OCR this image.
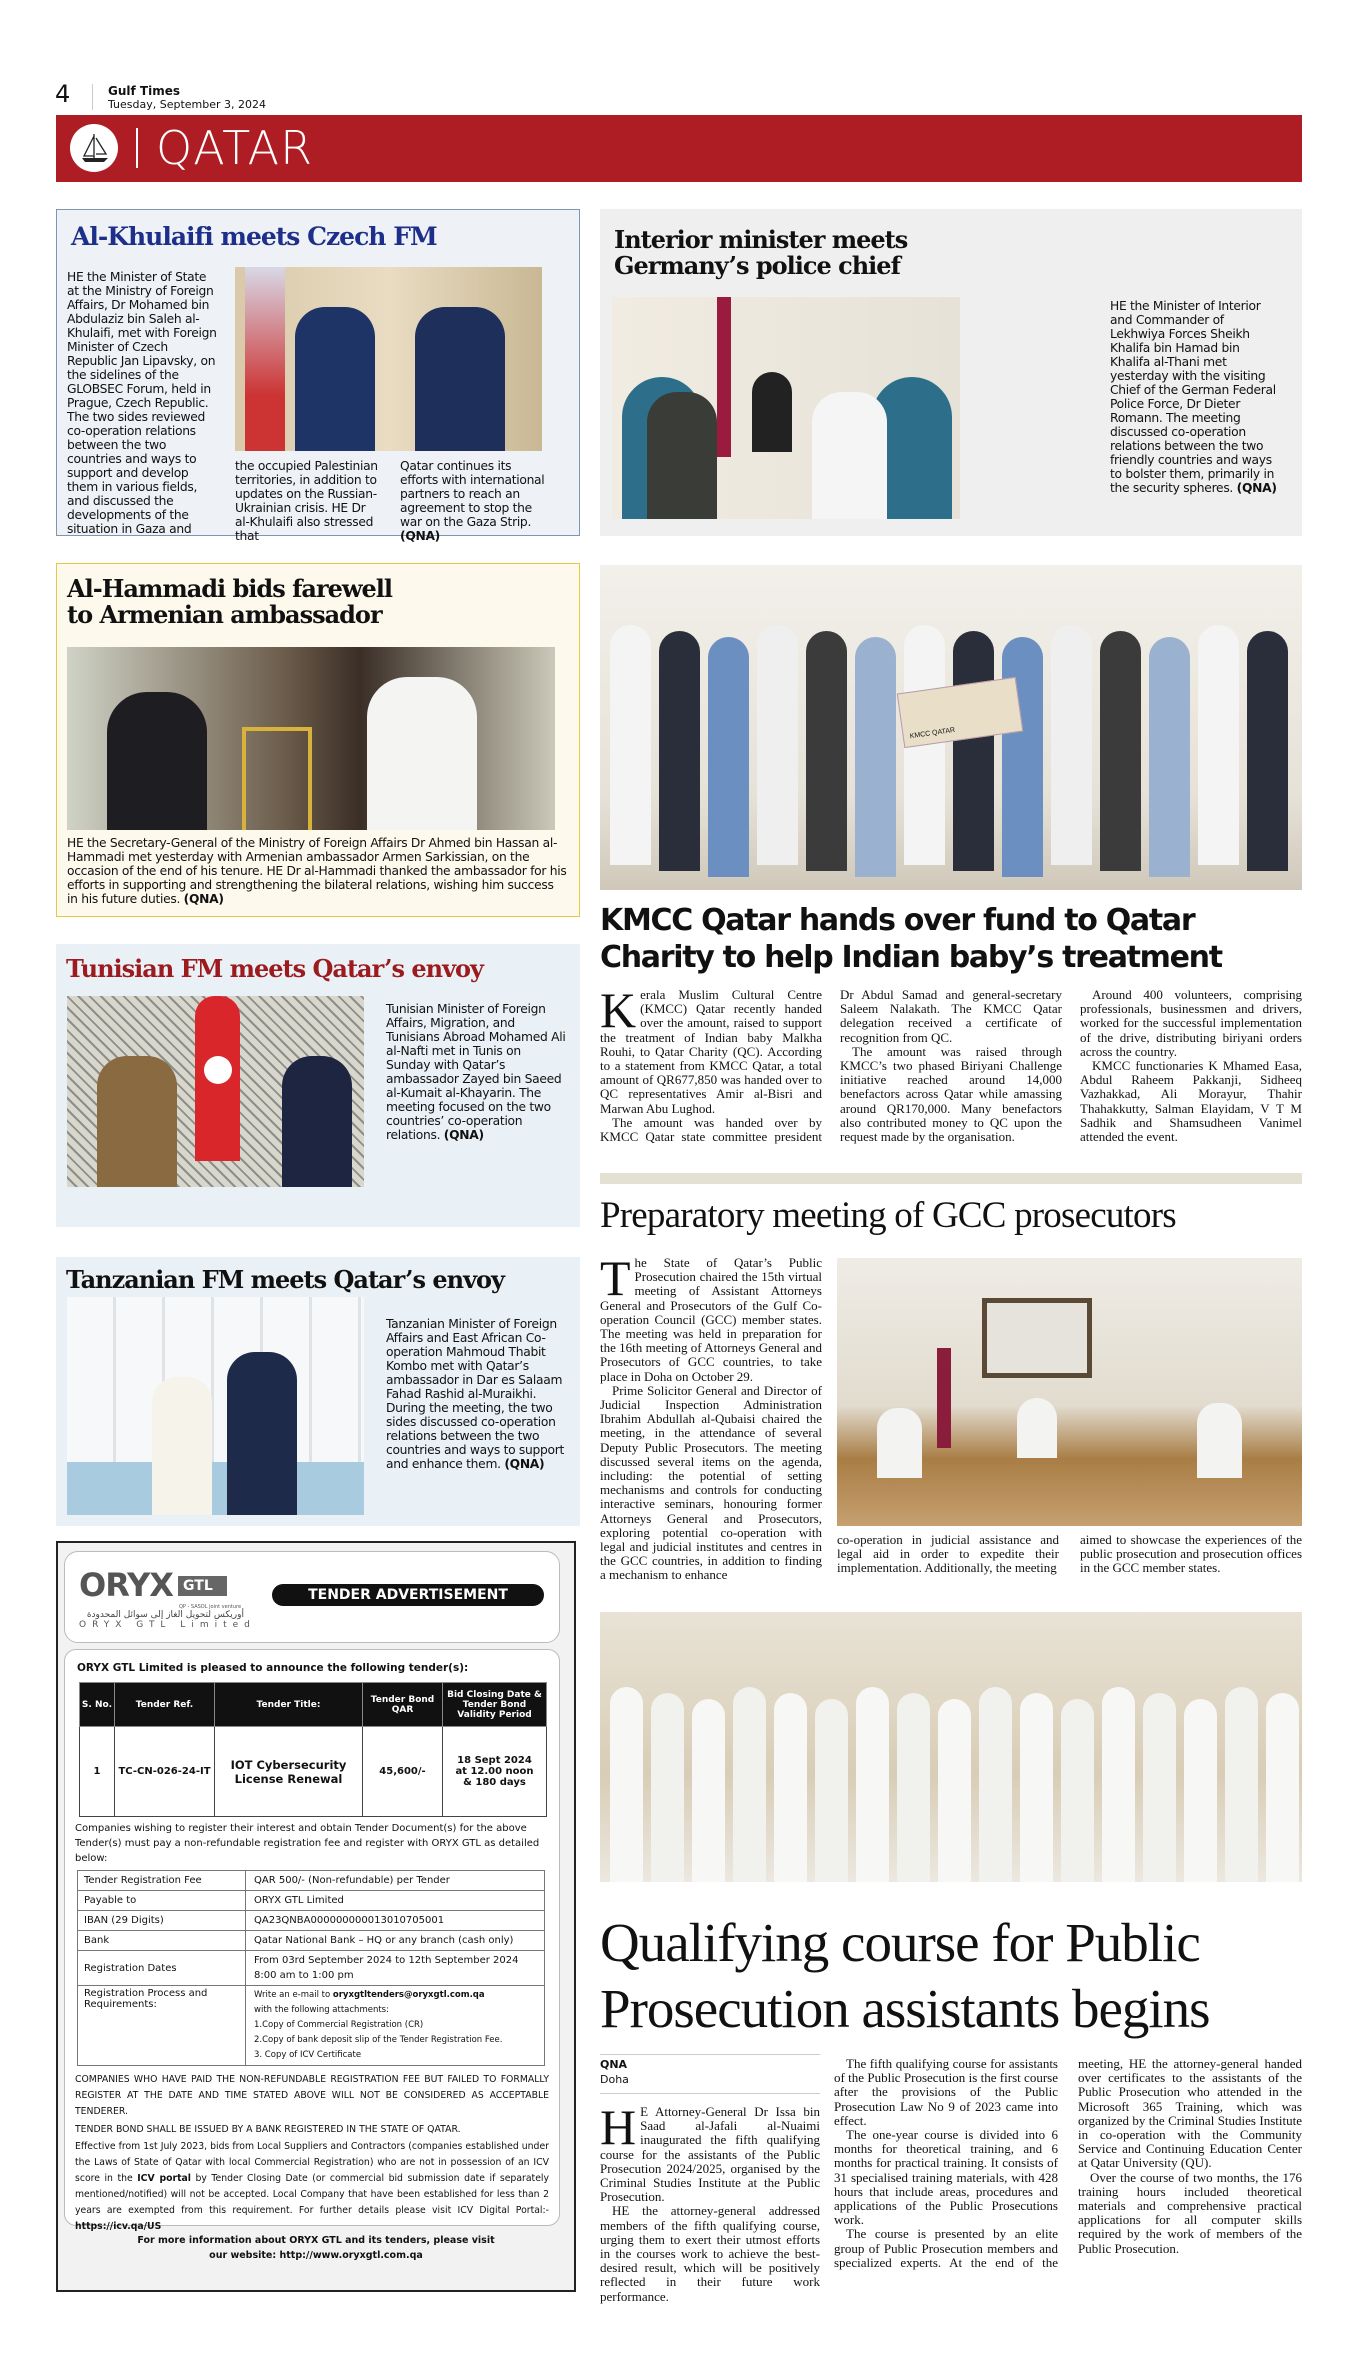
4	Gulf Times
Tuesday, September 3, 2024
QATAR
Al-Khulaifi meets Czech FM
HE the Minister of State at the Ministry of Foreign Affairs, Dr Mohamed bin Abdulaziz bin Saleh al-Khulaifi, met with Foreign Minister of Czech Republic Jan Lipavsky, on the sidelines of the GLOBSEC Forum, held in Prague, Czech Republic. The two sides reviewed co-operation relations between the two countries and ways to support and develop them in various fields, and discussed the developments of the situation in Gaza and
the occupied Palestinian territories, in addition to updates on the Russian-Ukrainian crisis. HE Dr al-Khulaifi also stressed that
Qatar continues its efforts with international partners to reach an agreement to stop the war on the Gaza Strip. (QNA)
Interior minister meets
Germany’s police chief
HE the Minister of Interior and Commander of Lekhwiya Forces Sheikh Khalifa bin Hamad bin Khalifa al-Thani met yesterday with the visiting Chief of the German Federal Police Force, Dr Dieter Romann. The meeting discussed co-operation relations between the two friendly countries and ways to bolster them, primarily in the security spheres. (QNA)
Al-Hammadi bids farewell
to Armenian ambassador
HE the Secretary-General of the Ministry of Foreign Affairs Dr Ahmed bin Hassan al-Hammadi met yesterday with Armenian ambassador Armen Sarkissian, on the occasion of the end of his tenure. HE Dr al-Hammadi thanked the ambassador for his efforts in supporting and strengthening the bilateral relations, wishing him success in his future duties. (QNA)
Tunisian FM meets Qatar’s envoy
Tunisian Minister of Foreign Affairs, Migration, and Tunisians Abroad Mohamed Ali al-Nafti met in Tunis on Sunday with Qatar’s ambassador Zayed bin Saeed al-Kumait al-Khayarin. The meeting focused on the two countries’ co-operation relations. (QNA)
Tanzanian FM meets Qatar’s envoy
Tanzanian Minister of Foreign Affairs and East African Co-operation Mahmoud Thabit Kombo met with Qatar’s ambassador in Dar es Salaam Fahad Rashid al-Muraikhi. During the meeting, the two sides discussed co-operation relations between the two countries and ways to support and enhance them. (QNA)
ORYX GTL
QP - SASOL joint venture
أوريكس لتحويل الغاز إلى سوائل المحدودة
ORYX GTL Limited
TENDER ADVERTISEMENT
ORYX GTL Limited is pleased to announce the following tender(s):
S. No.	Tender Ref.	Tender Title:	Tender Bond QAR	Bid Closing Date & Tender Bond Validity Period
1	TC-CN-026-24-IT	IOT Cybersecurity License Renewal	45,600/-	18 Sept 2024 at 12.00 noon & 180 days
Companies wishing to register their interest and obtain Tender Document(s) for the above Tender(s) must pay a non-refundable registration fee and register with ORYX GTL as detailed below:
Tender Registration Fee	QAR 500/- (Non-refundable) per Tender

Payable to	ORYX GTL Limited

IBAN (29 Digits)	QA23QNBA000000000013010705001

Bank	Qatar National Bank – HQ or any branch (cash only)

Registration Dates	From 03rd September 2024 to 12th September 2024
8:00 am to 1:00 pm

Registration Process and Requirements:	Write an e-mail to oryxgtltenders@oryxgtl.com.qa
with the following attachments:
1.Copy of Commercial Registration (CR)
2.Copy of bank deposit slip of the Tender Registration Fee.
3. Copy of ICV Certificate
COMPANIES WHO HAVE PAID THE NON-REFUNDABLE REGISTRATION FEE BUT FAILED TO FORMALLY REGISTER AT THE DATE AND TIME STATED ABOVE WILL NOT BE CONSIDERED AS ACCEPTABLE TENDERER.
TENDER BOND SHALL BE ISSUED BY A BANK REGISTERED IN THE STATE OF QATAR.
Effective from 1st July 2023, bids from Local Suppliers and Contractors (companies established under the Laws of State of Qatar with local Commercial Registration) who are not in possession of an ICV score in the ICV portal by Tender Closing Date (or commercial bid submission date if separately mentioned/notified) will not be accepted. Local Company that have been established for less than 2 years are exempted from this requirement. For further details please visit ICV Digital Portal:- https://icv.qa/US
For more information about ORYX GTL and its tenders, please visit
our website: http://www.oryxgtl.com.qa
KMCC QATAR
KMCC Qatar hands over fund to Qatar
Charity to help Indian baby’s treatment

Kerala Muslim Cultural Centre (KMCC) Qatar recently handed over the amount, raised to support the treatment of Indian baby Malkha Rouhi, to Qatar Charity (QC). According to a statement from KMCC Qatar, a total amount of QR677,850 was handed over to QC representatives Amir al-Bisri and Marwan Abu Lughod.

The amount was handed over by KMCC Qatar state committee president Dr Abdul Samad and general-secretary Saleem Nalakath. The KMCC Qatar delegation received a certificate of recognition from QC.

The amount was raised through KMCC’s two phased Biriyani Challenge initiative reached around 14,000 benefactors across Qatar while amassing around QR170,000. Many benefactors also contributed money to QC upon the request made by the organisation.

Around 400 volunteers, comprising professionals, businessmen and drivers, worked for the successful implementation of the drive, distributing biriyani orders across the country.

KMCC functionaries K Mhamed Easa, Abdul Raheem Pakkanji, Sidheeq Vazhakkad, Ali Morayur, Thahir Thahakkutty, Salman Elayidam, V T M Sadhik and Shamsudheen Vanimel attended the event.

Preparatory meeting of GCC prosecutors

T he State of Qatar’s Public Prosecution chaired the 15th virtual meeting of Assistant Attorneys General and Prosecutors of the Gulf Co-operation Council (GCC) member states. The meeting was held in preparation for the 16th meeting of Attorneys General and Prosecutors of GCC countries, to take place in Doha on October 29.

Prime Solicitor General and Director of Judicial Inspection Administration Ibrahim Abdullah al-Qubaisi chaired the meeting, in the attendance of several Deputy Public Prosecutors. The meeting discussed several items on the agenda, including: the potential of setting mechanisms and controls for conducting interactive seminars, honouring former Attorneys General and Prosecutors, exploring potential co-operation with legal and judicial institutes and centres in the GCC countries, in addition to finding a mechanism to enhance

co-operation in judicial assistance and legal aid in order to expedite their implementation. Additionally, the meeting
aimed to showcase the experiences of the public prosecution and prosecution offices in the GCC member states.
Qualifying course for Public
Prosecution assistants begins
QNA
Doha

H E Attorney-General Dr Issa bin Saad al-Jafali al-Nuaimi inaugurated the fifth qualifying course for the assistants of the Public Prosecution 2024/2025, organised by the Criminal Studies Institute at the Public Prosecution.

HE the attorney-general addressed members of the fifth qualifying course, urging them to exert their utmost efforts in the courses work to achieve the best-desired result, which will be positively reflected in their future work performance.

The fifth qualifying course for assistants of the Public Prosecution is the first course after the provisions of the Public Prosecution Law No 9 of 2023 came into effect.

The one-year course is divided into 6 months for theoretical training, and 6 months for practical training. It consists of 31 specialised training materials, with 428 hours that include areas, procedures and applications of the Public Prosecutions work.

The course is presented by an elite group of Public Prosecution members and specialized experts. At the end of the meeting, HE the attorney-general handed over certificates to the assistants of the Public Prosecution who attended in the Microsoft 365 Training, which was organized by the Criminal Studies Institute in co-operation with the Community Service and Continuing Education Center at Qatar University (QU).

Over the course of two months, the 176 training hours included theoretical materials and comprehensive practical applications for all computer skills required by the work of members of the Public Prosecution.
